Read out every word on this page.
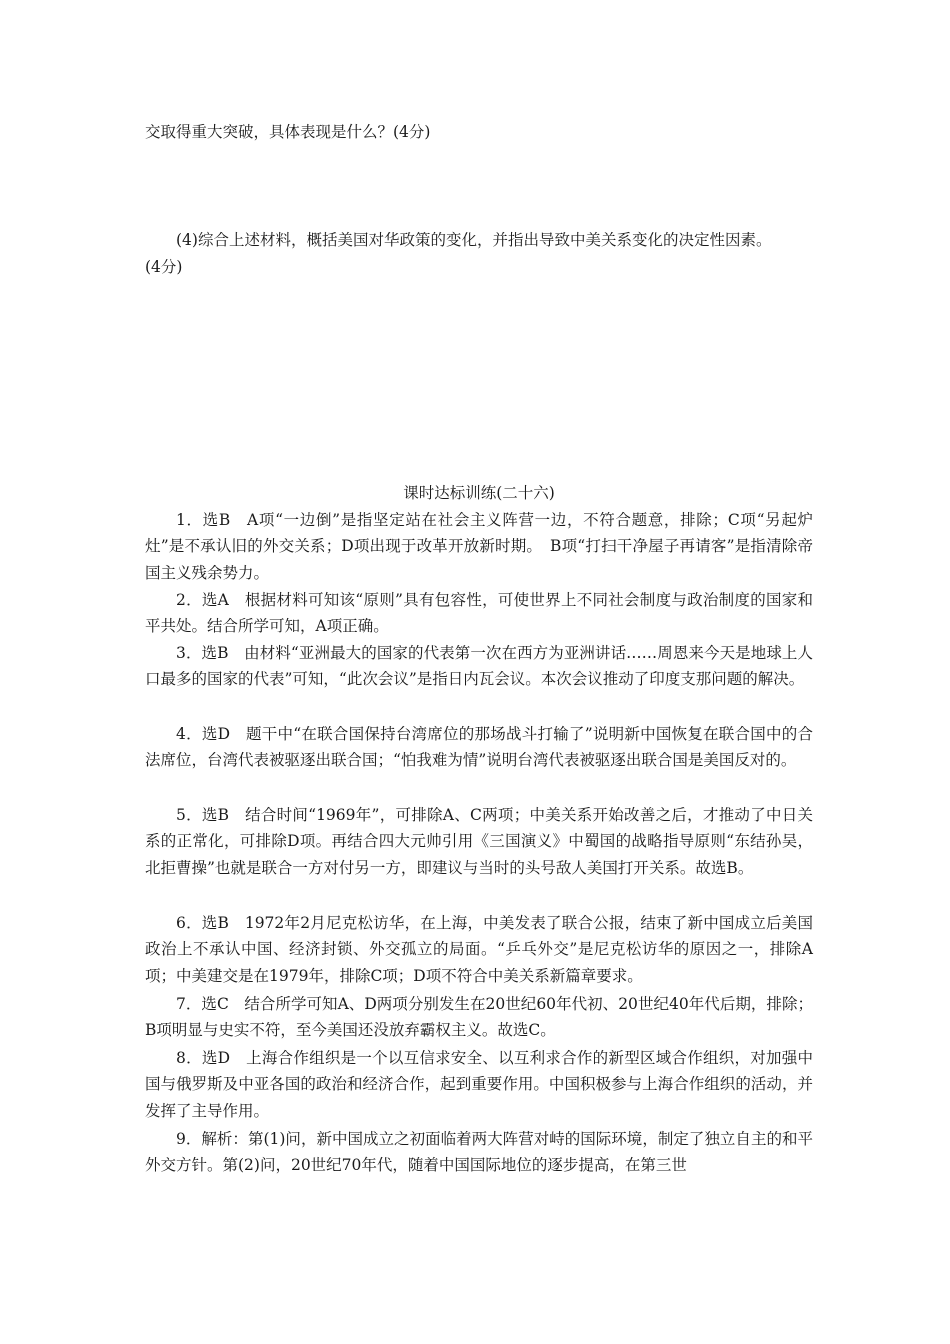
交取得重大突破，具体表现是什么？(4分)
(4)综合上述材料，概括美国对华政策的变化，并指出导致中美关系变化的决定性因素。
(4分)
课时达标训练(二十六)
1．选B　A项“一边倒”是指坚定站在社会主义阵营一边，不符合题意，排除；C项“另起炉灶”是不承认旧的外交关系；D项出现于改革开放新时期。　B项“打扫干净屋子再请客”是指清除帝国主义残余势力。
2．选A　根据材料可知该“原则”具有包容性，可使世界上不同社会制度与政治制度的国家和平共处。结合所学可知，A项正确。
3．选B　由材料“亚洲最大的国家的代表第一次在西方为亚洲讲话……周恩来今天是地球上人口最多的国家的代表”可知，“此次会议”是指日内瓦会议。本次会议推动了印度支那问题的解决。
4．选D　题干中“在联合国保持台湾席位的那场战斗打输了”说明新中国恢复在联合国中的合法席位，台湾代表被驱逐出联合国；“怕我难为情”说明台湾代表被驱逐出联合国是美国反对的。
5．选B　结合时间“1969年”，可排除A、C两项；中美关系开始改善之后，才推动了中日关系的正常化，可排除D项。再结合四大元帅引用《三国演义》中蜀国的战略指导原则“东结孙吴，北拒曹操”也就是联合一方对付另一方，即建议与当时的头号敌人美国打开关系。故选B。
6．选B　1972年2月尼克松访华，在上海，中美发表了联合公报，结束了新中国成立后美国政治上不承认中国、经济封锁、外交孤立的局面。“乒乓外交”是尼克松访华的原因之一，排除A项；中美建交是在1979年，排除C项；D项不符合中美关系新篇章要求。
7．选C　结合所学可知A、D两项分别发生在20世纪60年代初、20世纪40年代后期，排除；B项明显与史实不符，至今美国还没放弃霸权主义。故选C。
8．选D　上海合作组织是一个以互信求安全、以互利求合作的新型区域合作组织，对加强中国与俄罗斯及中亚各国的政治和经济合作，起到重要作用。中国积极参与上海合作组织的活动，并发挥了主导作用。
9．解析：第(1)问，新中国成立之初面临着两大阵营对峙的国际环境，制定了独立自主的和平外交方针。第(2)问，20世纪70年代，随着中国国际地位的逐步提高，在第三世
